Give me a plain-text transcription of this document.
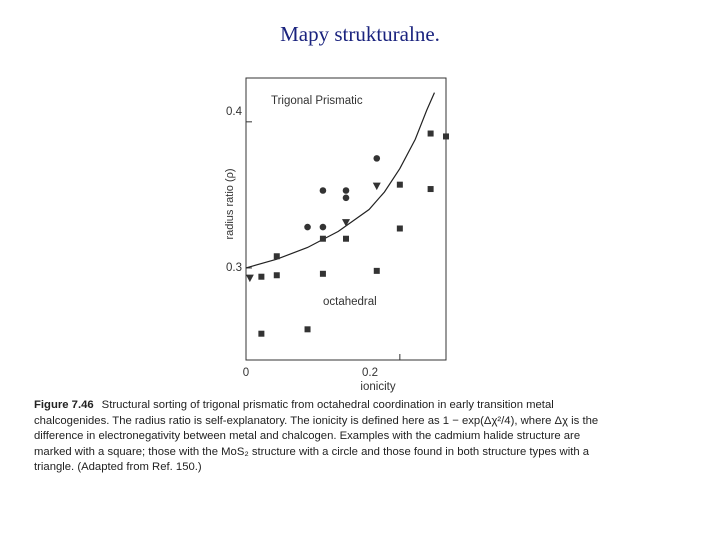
Mapy strukturalne.
Trigonal Prismatic
octahedral
0.4
0.3
0	0.2
ionicity
radius ratio (ρ)
Figure 7.46 Structural sorting of trigonal prismatic from octahedral coordination in early transition metal chalcogenides. The radius ratio is self-explanatory. The ionicity is defined here as 1 − exp(Δχ²/4), where Δχ is the difference in electronegativity between metal and chalcogen. Examples with the cadmium halide structure are marked with a square; those with the MoS₂ structure with a circle and those found in both structure types with a triangle. (Adapted from Ref. 150.)
